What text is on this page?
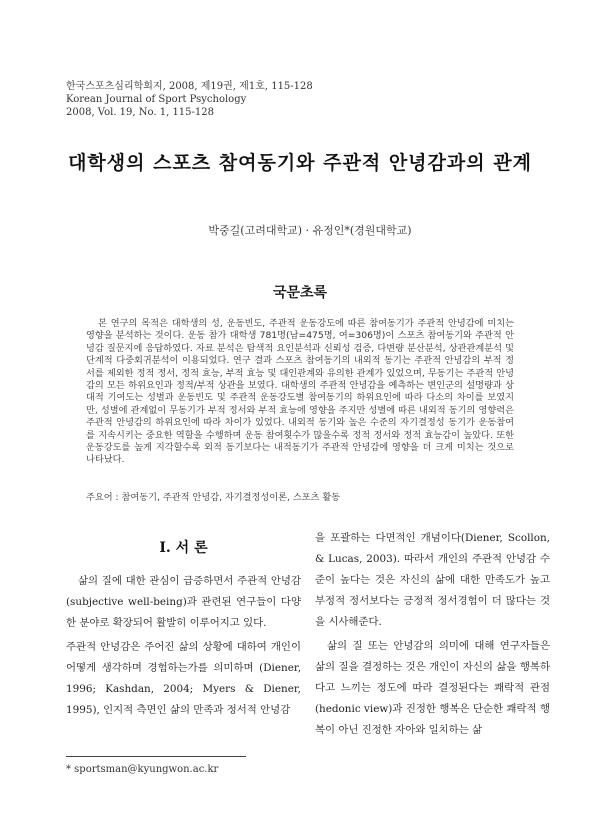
한국스포츠심리학회지, 2008, 제19권, 제1호, 115-128
Korean Journal of Sport Psychology
2008, Vol. 19, No. 1, 115-128
대학생의 스포츠 참여동기와 주관적 안녕감과의 관계
박중길(고려대학교) · 유정인*(경원대학교)
국문초록

본 연구의 목적은 대학생의 성, 운동빈도, 주관적 운동강도에 따른 참여동기가 주관적 안녕감에 미치는 영향을 분석하는 것이다. 운동 참가 대학생 781명(남=475명, 여=306명)이 스포츠 참여동기와 주관적 안녕감 질문지에 응답하였다. 자료 분석은 탐색적 요인분석과 신뢰성 검증, 다변량 분산분석, 상관관계분석 및 단계적 다중회귀분석이 이용되었다. 연구 결과 스포츠 참여동기의 내외적 동기는 주관적 안녕감의 부적 정서를 제외한 정적 정서, 정적 효능, 부적 효능 및 대인관계와 유의한 관계가 있었으며, 무동기는 주관적 안녕감의 모든 하위요인과 정적/부적 상관을 보였다. 대학생의 주관적 안녕감을 예측하는 변인군의 설명량과 상대적 기여도는 성별과 운동빈도 및 주관적 운동강도별 참여동기의 하위요인에 따라 다소의 차이를 보였지만, 성별에 관계없이 무동기가 부적 정서와 부적 효능에 영향을 주지만 성별에 따른 내외적 동기의 영향력은 주관적 안녕감의 하위요인에 따라 차이가 있었다. 내외적 동기와 높은 수준의 자기결정성 동기가 운동참여를 지속시키는 중요한 역할을 수행하며 운동 참여횟수가 많을수록 정적 정서와 정적 효능감이 높았다. 또한 운동강도를 높게 지각할수록 외적 동기보다는 내적동기가 주관적 안녕감에 영향을 더 크게 미치는 것으로 나타났다.

주요어 : 참여동기, 주관적 안녕감, 자기결정성이론, 스포츠 활동
I. 서 론

삶의 질에 대한 관심이 급증하면서 주관적 안녕감(subjective well-being)과 관련된 연구들이 다양한 분야로 확장되어 활발히 이루어지고 있다.

주관적 안녕감은 주어진 삶의 상황에 대하여 개인이 어떻게 생각하며 경험하는가를 의미하며 (Diener, 1996; Kashdan, 2004; Myers & Diener, 1995), 인지적 측면인 삶의 만족과 정서적 안녕감

을 포괄하는 다면적인 개념이다(Diener, Scollon, & Lucas, 2003). 따라서 개인의 주관적 안녕감 수준이 높다는 것은 자신의 삶에 대한 만족도가 높고 부정적 정서보다는 긍정적 정서경험이 더 많다는 것을 시사해준다.

삶의 질 또는 안녕감의 의미에 대해 연구자들은 삶의 질을 결정하는 것은 개인이 자신의 삶을 행복하다고 느끼는 정도에 따라 결정된다는 쾌락적 관점(hedonic view)과 진정한 행복은 단순한 쾌락적 행복이 아닌 진정한 자아와 일치하는 삶

* sportsman@kyungwon.ac.kr
